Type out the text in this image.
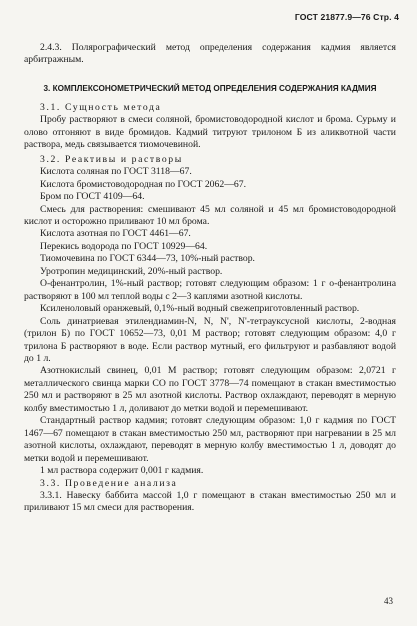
ГОСТ 21877.9—76 Стр. 4

2.4.3. Полярографический метод определения содержания кадмия является арбитражным.

3. КОМПЛЕКСОНОМЕТРИЧЕСКИЙ МЕТОД ОПРЕДЕЛЕНИЯ СОДЕРЖАНИЯ КАДМИЯ

3.1. Сущность метода

Пробу растворяют в смеси соляной, бромистоводородной кислот и брома. Сурьму и олово отгоняют в виде бромидов. Кадмий титруют трилоном Б из аликвотной части раствора, медь связывается тиомочевиной.

3.2. Реактивы и растворы

Кислота соляная по ГОСТ 3118—67.

Кислота бромистоводородная по ГОСТ 2062—67.

Бром по ГОСТ 4109—64.

Смесь для растворения: смешивают 45 мл соляной и 45 мл бромистоводородной кислот и осторожно приливают 10 мл брома.

Кислота азотная по ГОСТ 4461—67.

Перекись водорода по ГОСТ 10929—64.

Тиомочевина по ГОСТ 6344—73, 10%-ный раствор.

Уротропин медицинский, 20%-ный раствор.

О-фенантролин, 1%-ный раствор; готовят следующим образом: 1 г о-фенантролина растворяют в 100 мл теплой воды с 2—3 каплями азотной кислоты.

Ксиленоловый оранжевый, 0,1%-ный водный свежеприготовленный раствор.

Соль динатриевая этилендиамин-N, N, N', N'-тетрауксусной кислоты, 2-водная (трилон Б) по ГОСТ 10652—73, 0,01 М раствор; готовят следующим образом: 4,0 г трилона Б растворяют в воде. Если раствор мутный, его фильтруют и разбавляют водой до 1 л.

Азотнокислый свинец, 0,01 М раствор; готовят следующим образом: 2,0721 г металлического свинца марки СО по ГОСТ 3778—74 помещают в стакан вместимостью 250 мл и растворяют в 25 мл азотной кислоты. Раствор охлаждают, переводят в мерную колбу вместимостью 1 л, доливают до метки водой и перемешивают.

Стандартный раствор кадмия; готовят следующим образом: 1,0 г кадмия по ГОСТ 1467—67 помещают в стакан вместимостью 250 мл, растворяют при нагревании в 25 мл азотной кислоты, охлаждают, переводят в мерную колбу вместимостью 1 л, доводят до метки водой и перемешивают.

1 мл раствора содержит 0,001 г кадмия.

3.3. Проведение анализа

3.3.1. Навеску баббита массой 1,0 г помещают в стакан вместимостью 250 мл и приливают 15 мл смеси для растворения.

43
